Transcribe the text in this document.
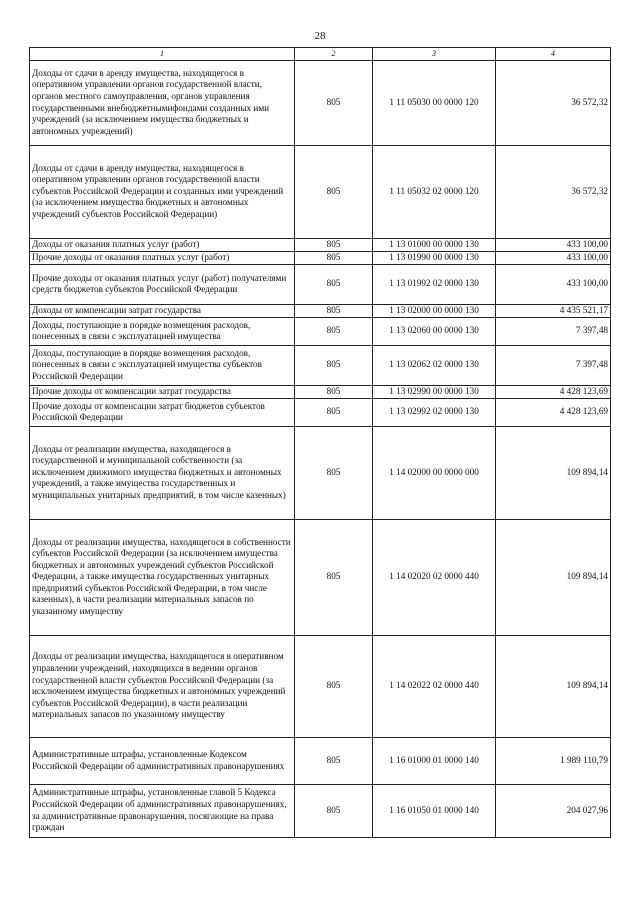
28
1	2	3	4
Доходы от сдачи в аренду имущества, находящегося в оперативном управлении органов государственной власти, органов местного самоуправления, органов управления государственными внебюджетнымифондами созданных ими учреждений (за исключением имущества бюджетных и автономных учреждений)	805	1 11 05030 00 0000 120	36 572,32
Доходы от сдачи в аренду имущества, находящегося в оперативном управлении органов государственной власти субъектов Российской Федерации и созданных ими учреждений (за исключением имущества бюджетных и автономных учреждений субъектов Российской Федерации)	805	1 11 05032 02 0000 120	36 572,32
Доходы от оказания платных услуг (работ)	805	1 13 01000 00 0000 130	433 100,00
Прочие доходы от оказания платных услуг (работ)	805	1 13 01990 00 0000 130	433 100,00
Прочие доходы от оказания платных услуг (работ) получателями средств бюджетов субъектов Российской Федерации	805	1 13 01992 02 0000 130	433 100,00
Доходы от компенсации затрат государства	805	1 13 02000 00 0000 130	4 435 521,17
Доходы, поступающие в порядке возмещения расходов, понесенных в связи с эксплуатацией имущества	805	1 13 02060 00 0000 130	7 397,48
Доходы, поступающие в порядке возмещения расходов, понесенных в связи с эксплуатацией имущества субъектов Российской Федерации	805	1 13 02062 02 0000 130	7 397,48
Прочие доходы от компенсации затрат государства	805	1 13 02990 00 0000 130	4 428 123,69
Прочие доходы от компенсации затрат бюджетов субъектов Российской Федерации	805	1 13 02992 02 0000 130	4 428 123,69
Доходы от реализации имущества, находящегося в государственной и муниципальной собственности (за исключением движимого имущества бюджетных и автономных учреждений, а также имущества государственных и муниципальных унитарных предприятий, в том числе казенных)	805	1 14 02000 00 0000 000	109 894,14
Доходы от реализации имущества, находящегося в собственности субъектов Российской Федерации (за исключением имущества бюджетных и автономных учреждений субъектов Российской Федерации, а также имущества государственных унитарных предприятий субъектов Российской Федерации, в том числе казенных), в части реализации материальных запасов по указанному имуществу	805	1 14 02020 02 0000 440	109 894,14
Доходы от реализации имущества, находящегося в оперативном управлении учреждений, находящихся в ведении органов государственной власти субъектов Российской Федерации (за исключением имущества бюджетных и автономных учреждений субъектов Российской Федерации), в части реализации материальных запасов по указанному имуществу	805	1 14 02022 02 0000 440	109 894,14
Административные штрафы, установленные Кодексом Российской Федерации об административных правонарушениях	805	1 16 01000 01 0000 140	1 989 110,79
Административные штрафы, установленные главой 5 Кодекса Российской Федерации об административных правонарушениях, за административные правонарушения, посягающие на права граждан	805	1 16 01050 01 0000 140	204 027,96
